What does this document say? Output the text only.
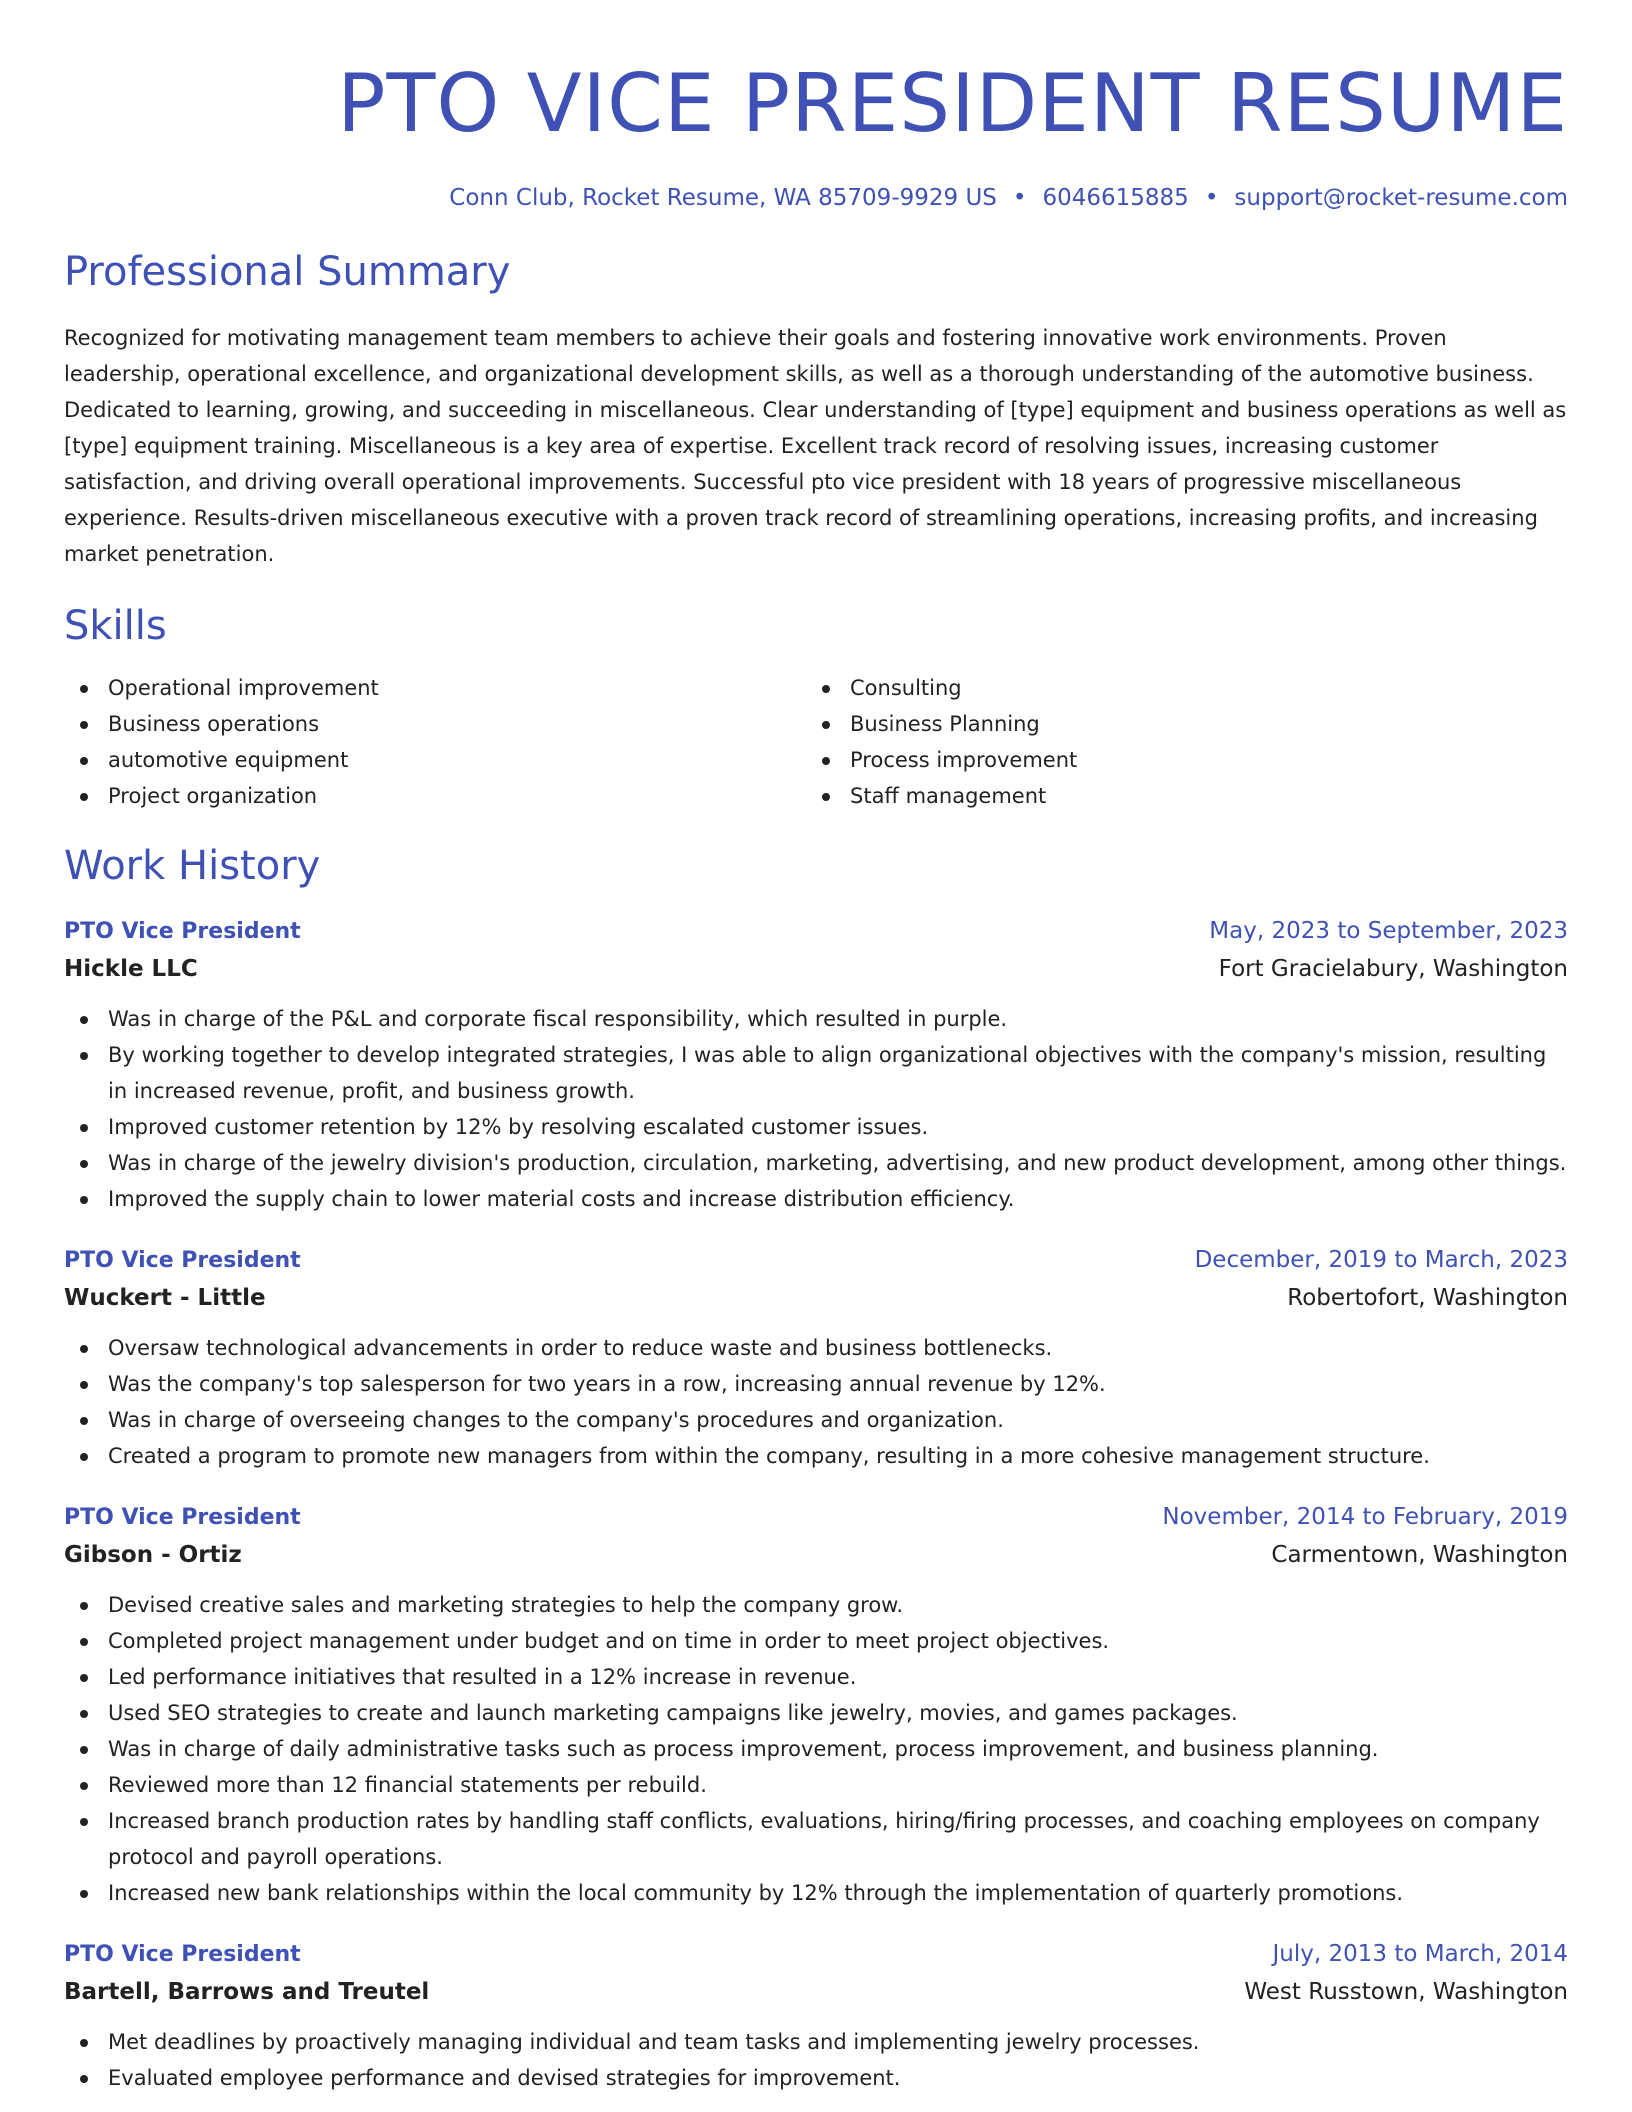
PTO VICE PRESIDENT RESUME
Conn Club, Rocket Resume, WA 85709-9929 US • 6046615885 • support@rocket-resume.com
Professional Summary
Recognized for motivating management team members to achieve their goals and fostering innovative work environments. Proven leadership, operational excellence, and organizational development skills, as well as a thorough understanding of the automotive business. Dedicated to learning, growing, and succeeding in miscellaneous. Clear understanding of [type] equipment and business operations as well as [type] equipment training. Miscellaneous is a key area of expertise. Excellent track record of resolving issues, increasing customer satisfaction, and driving overall operational improvements. Successful pto vice president with 18 years of progressive miscellaneous experience. Results-driven miscellaneous executive with a proven track record of streamlining operations, increasing profits, and increasing market penetration.
Skills
Operational improvement
Business operations
automotive equipment
Project organization
Consulting
Business Planning
Process improvement
Staff management
Work History
PTO Vice President	May, 2023 to September, 2023
Hickle LLC	Fort Gracielabury, Washington
Was in charge of the P&L and corporate fiscal responsibility, which resulted in purple.
By working together to develop integrated strategies, I was able to align organizational objectives with the company's mission, resulting in increased revenue, profit, and business growth.
Improved customer retention by 12% by resolving escalated customer issues.
Was in charge of the jewelry division's production, circulation, marketing, advertising, and new product development, among other things.
Improved the supply chain to lower material costs and increase distribution efficiency.
PTO Vice President	December, 2019 to March, 2023
Wuckert - Little	Robertofort, Washington
Oversaw technological advancements in order to reduce waste and business bottlenecks.
Was the company's top salesperson for two years in a row, increasing annual revenue by 12%.
Was in charge of overseeing changes to the company's procedures and organization.
Created a program to promote new managers from within the company, resulting in a more cohesive management structure.
PTO Vice President	November, 2014 to February, 2019
Gibson - Ortiz	Carmentown, Washington
Devised creative sales and marketing strategies to help the company grow.
Completed project management under budget and on time in order to meet project objectives.
Led performance initiatives that resulted in a 12% increase in revenue.
Used SEO strategies to create and launch marketing campaigns like jewelry, movies, and games packages.
Was in charge of daily administrative tasks such as process improvement, process improvement, and business planning.
Reviewed more than 12 financial statements per rebuild.
Increased branch production rates by handling staff conflicts, evaluations, hiring/firing processes, and coaching employees on company protocol and payroll operations.
Increased new bank relationships within the local community by 12% through the implementation of quarterly promotions.
PTO Vice President	July, 2013 to March, 2014
Bartell, Barrows and Treutel	West Russtown, Washington
Met deadlines by proactively managing individual and team tasks and implementing jewelry processes.
Evaluated employee performance and devised strategies for improvement.
